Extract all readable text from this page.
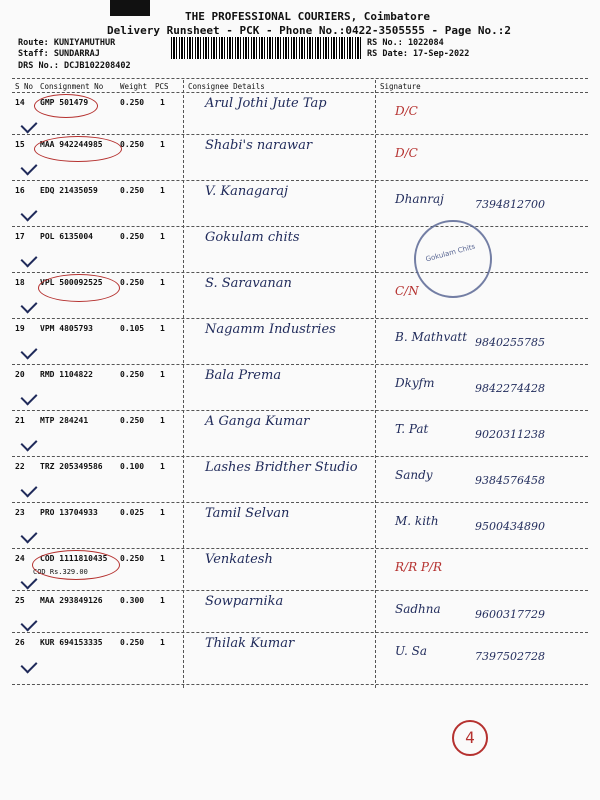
THE PROFESSIONAL COURIERS, Coimbatore
Delivery Runsheet - PCK - Phone No.:0422-3505555 - Page No.:2
Route: KUNIYAMUTHUR
Staff: SUNDARRAJ
DRS No.: DCJB102208402
RS No.: 1022084
RS Date: 17-Sep-2022
S No Consignment No Weight PCS	Consignee Details	Signature
14 GMP 501479	0.250 1	Arul Jothi Jute Tap	D/C
15 MAA 942244985 0.250 1	Shabi's narawar	D/C
16 EDQ 21435059	0.250 1	V. Kanagaraj	Dhanraj	7394812700
17 POL 6135004	0.250 1	Gokulam chits
18 VPL 500092525 0.250 1	S. Saravanan	C/N
19 VPM 4805793	0.105 1	Nagamm Industries	B. Mathvatt 9840255785
20 RMD 1104822	0.250 1	Bala Prema	Dkyfm	9842274428
21 MTP 284241	0.250 1	A Ganga Kumar	T. Pat	9020311238
22 TRZ 205349586 0.100 1	Lashes Bridther Studio	Sandy	9384576458
23 PRO 13704933	0.025 1	Tamil Selvan	M. kith	9500434890
24 COD 1111810435 0.250 1	Venkatesh	R/R P/R
COD Rs.329.00
25 MAA 293849126 0.300 1	Sowparnika	Sadhna	9600317729
26 KUR 694153335 0.250 1	Thilak Kumar	U. Sa	7397502728
Gokulam Chits
4
